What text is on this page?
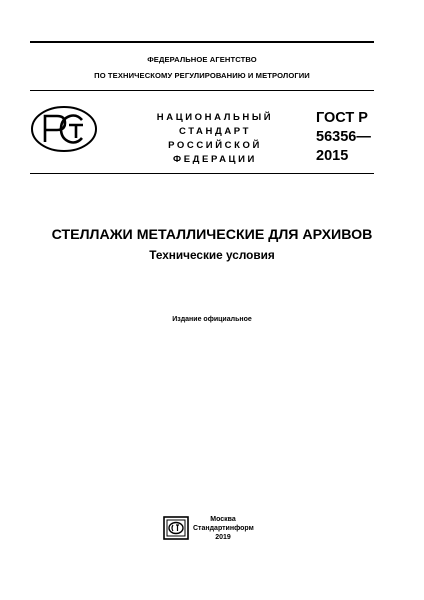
ФЕДЕРАЛЬНОЕ АГЕНТСТВО
ПО ТЕХНИЧЕСКОМУ РЕГУЛИРОВАНИЮ И МЕТРОЛОГИИ
НАЦИОНАЛЬНЫЙ
СТАНДАРТ
РОССИЙСКОЙ
ФЕДЕРАЦИИ
ГОСТ Р
56356—
2015
СТЕЛЛАЖИ МЕТАЛЛИЧЕСКИЕ ДЛЯ АРХИВОВ
Технические условия
Издание официальное
Москва
Стандартинформ
2019
